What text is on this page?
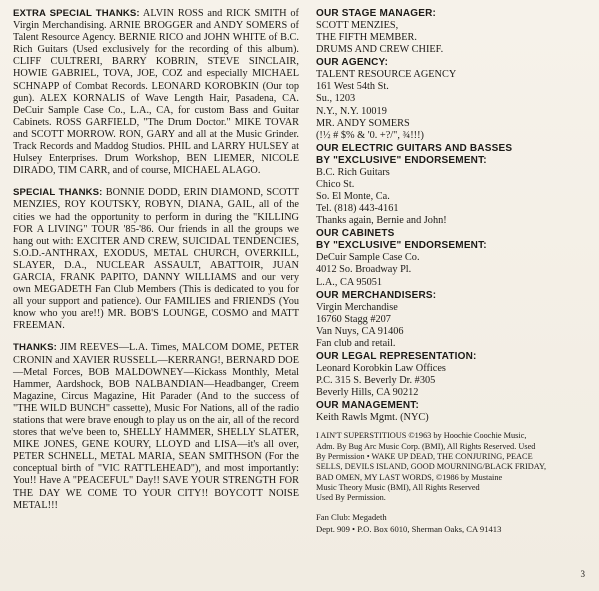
EXTRA SPECIAL THANKS: ALVIN ROSS and RICK SMITH of Virgin Merchandising. ARNIE BROGGER and ANDY SOMERS of Talent Resource Agency. BERNIE RICO and JOHN WHITE of B.C. Rich Guitars (Used exclusively for the recording of this album). CLIFF CULTRERI, BARRY KOBRIN, STEVE SINCLAIR, HOWIE GABRIEL, TOVA, JOE, COZ and especially MICHAEL SCHNAPP of Combat Records. LEONARD KOROBKIN (Our top gun). ALEX KORNALIS of Wave Length Hair, Pasadena, CA. DeCuir Sample Case Co., L.A., CA, for custom Bass and Guitar Cabinets. ROSS GARFIELD, "The Drum Doctor." MIKE TOVAR and SCOTT MORROW. RON, GARY and all at the Music Grinder. Track Records and Maddog Studios. PHIL and LARRY HULSEY at Hulsey Enterprises. Drum Workshop, BEN LIEMER, NICOLE DIRADO, TIM CARR, and of course, MICHAEL ALAGO.

SPECIAL THANKS: BONNIE DODD, ERIN DIAMOND, SCOTT MENZIES, ROY KOUTSKY, ROBYN, DIANA, GAIL, all of the cities we had the opportunity to perform in during the "KILLING FOR A LIVING" TOUR '85-'86. Our friends in all the groups we hang out with: EXCITER AND CREW, SUICIDAL TENDENCIES, S.O.D.-ANTHRAX, EXODUS, METAL CHURCH, OVERKILL, SLAYER, D.A., NUCLEAR ASSAULT, ABATTOIR, JUAN GARCIA, FRANK PAPITO, DANNY WILLIAMS and our very own MEGADETH Fan Club Members (This is dedicated to you for all your support and patience). Our FAMILIES and FRIENDS (You know who you are!!) MR. BOB'S LOUNGE, COSMO and MATT FREEMAN.

THANKS: JIM REEVES—L.A. Times, MALCOM DOME, PETER CRONIN and XAVIER RUSSELL—KERRANG!, BERNARD DOE—Metal Forces, BOB MALDOWNEY—Kickass Monthly, Metal Hammer, Aardshock, BOB NALBANDIAN—Headbanger, Creem Magazine, Circus Magazine, Hit Parader (And to the success of "THE WILD BUNCH" cassette), Music For Nations, all of the radio stations that were brave enough to play us on the air, all of the record stores that we've been to, SHELLY HAMMER, SHELLY SLATER, MIKE JONES, GENE KOURY, LLOYD and LISA—it's all over, PETER SCHNELL, METAL MARIA, SEAN SMITHSON (For the conceptual birth of "VIC RATTLEHEAD"), and most importantly: You!! Have A "PEACEFUL" Day!! SAVE YOUR STRENGTH FOR THE DAY WE COME TO YOUR CITY!! BOYCOTT NOISE METAL!!!

OUR STAGE MANAGER:
SCOTT MENZIES,
THE FIFTH MEMBER.
DRUMS AND CREW CHIEF.
OUR AGENCY:
TALENT RESOURCE AGENCY
161 West 54th St.
Su., 1203
N.Y., N.Y. 10019
MR. ANDY SOMERS
(!½ # $% & '0. +?/", ¾!!!)
OUR ELECTRIC GUITARS AND BASSES
BY "EXCLUSIVE" ENDORSEMENT:
B.C. Rich Guitars
Chico St.
So. El Monte, Ca.
Tel. (818) 443-4161
Thanks again, Bernie and John!
OUR CABINETS
BY "EXCLUSIVE" ENDORSEMENT:
DeCuir Sample Case Co.
4012 So. Broadway Pl.
L.A., CA 95051
OUR MERCHANDISERS:
Virgin Merchandise
16760 Stagg #207
Van Nuys, CA 91406
Fan club and retail.
OUR LEGAL REPRESENTATION:
Leonard Korobkin Law Offices
P.C. 315 S. Beverly Dr. #305
Beverly Hills, CA 90212
OUR MANAGEMENT:
Keith Rawls Mgmt. (NYC)
I AIN'T SUPERSTITIOUS ©1963 by Hoochie Coochie Music,
Adm. By Bug Arc Music Corp. (BMI), All Rights Reserved. Used
By Permission • WAKE UP DEAD, THE CONJURING, PEACE
SELLS, DEVILS ISLAND, GOOD MOURNING/BLACK FRIDAY,
BAD OMEN, MY LAST WORDS, ©1986 by Mustaine
Music Theory Music (BMI), All Rights Reserved
Used By Permission.
Fan Club: Megadeth
Dept. 909 • P.O. Box 6010, Sherman Oaks, CA 91413
3
